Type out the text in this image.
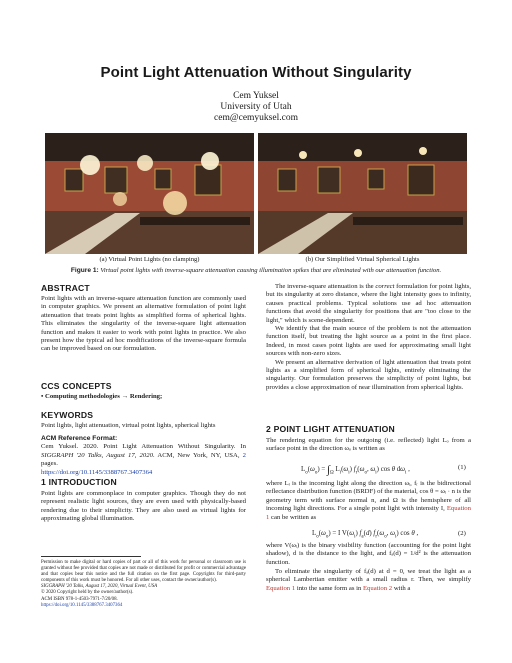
Point Light Attenuation Without Singularity
Cem Yuksel
University of Utah
cem@cemyuksel.com
(a) Virtual Point Lights (no clamping)	(b) Our Simplified Virtual Spherical Lights
Figure 1: Virtual point lights with inverse-square attenuation causing illumination spikes that are eliminated with our attenuation function.
ABSTRACT

Point lights with an inverse-square attenuation function are commonly used in computer graphics. We present an alternative formulation of point light attenuation that treats point lights as simplified forms of spherical lights. This eliminates the singularity of the inverse-square light attenuation function and makes it easier to work with point lights in practice. We also present how the typical ad hoc modifications of the inverse-square formula can be improved based on our formulation.

CCS CONCEPTS

• Computing methodologies → Rendering;

KEYWORDS

Point lights, light attenuation, virtual point lights, spherical lights

ACM Reference Format:

Cem Yuksel. 2020. Point Light Attenuation Without Singularity. In SIGGRAPH '20 Talks, August 17, 2020. ACM, New York, NY, USA, 2 pages.
https://doi.org/10.1145/3388767.3407364

1 INTRODUCTION

Point lights are commonplace in computer graphics. Though they do not represent realistic light sources, they are even used with physically-based rendering due to their simplicity. They are also used as virtual lights for approximating global illumination.

Permission to make digital or hard copies of part or all of this work for personal or classroom use is granted without fee provided that copies are not made or distributed for profit or commercial advantage and that copies bear this notice and the full citation on the first page. Copyrights for third-party components of this work must be honored. For all other uses, contact the owner/author(s).
SIGGRAPH '20 Talks, August 17, 2020, Virtual Event, USA
© 2020 Copyright held by the owner/author(s).
ACM ISBN 978-1-4503-7971-7/20/08.
https://doi.org/10.1145/3388767.3407364

The inverse-square attenuation is the correct formulation for point lights, but its singularity at zero distance, where the light intensity goes to infinity, causes practical problems. Typical solutions use ad hoc attenuation functions that avoid the singularity for positions that are "too close to the light," which is scene-dependent.

We identify that the main source of the problem is not the attenuation function itself, but treating the light source as a point in the first place. Indeed, in most cases point lights are used for approximating small light sources with non-zero sizes.

We present an alternative derivation of light attenuation that treats point lights as a simplified form of spherical lights, entirely eliminating the singularity. Our formulation preserves the simplicity of point lights, but provides a close approximation of near illumination from spherical lights.

2 POINT LIGHT ATTENUATION

The rendering equation for the outgoing (i.e. reflected) light Lₒ from a surface point in the direction ωₒ is written as

$L_o(\omega_o) = \int_\Omega$ $L_i(\omega_i)$ $f_r(\omega_o$, $\omega_i$) cos θ $d\omega_i$ ,	(1)

where Lᵢ is the incoming light along the direction ωᵢ, fᵣ is the bidirectional reflectance distribution function (BRDF) of the material, cos θ = ωᵢ · n is the geometry term with surface normal n, and Ω is the hemisphere of all incoming light directions. For a single point light with intensity I, Equation 1 can be written as

$L_o(\omega_o) = I$ $V(\omega_i)$ $f_a(d)$ $f_r(\omega_o$, $\omega_i$) cos θ ,	(2)

where V(ωᵢ) is the binary visibility function (accounting for the point light shadow), d is the distance to the light, and fₐ(d) = 1/d² is the attenuation function.

To eliminate the singularity of fₐ(d) at d = 0, we treat the light as a spherical Lambertian emitter with a small radius r. Then, we simplify Equation 1 into the same form as in Equation 2 with a
